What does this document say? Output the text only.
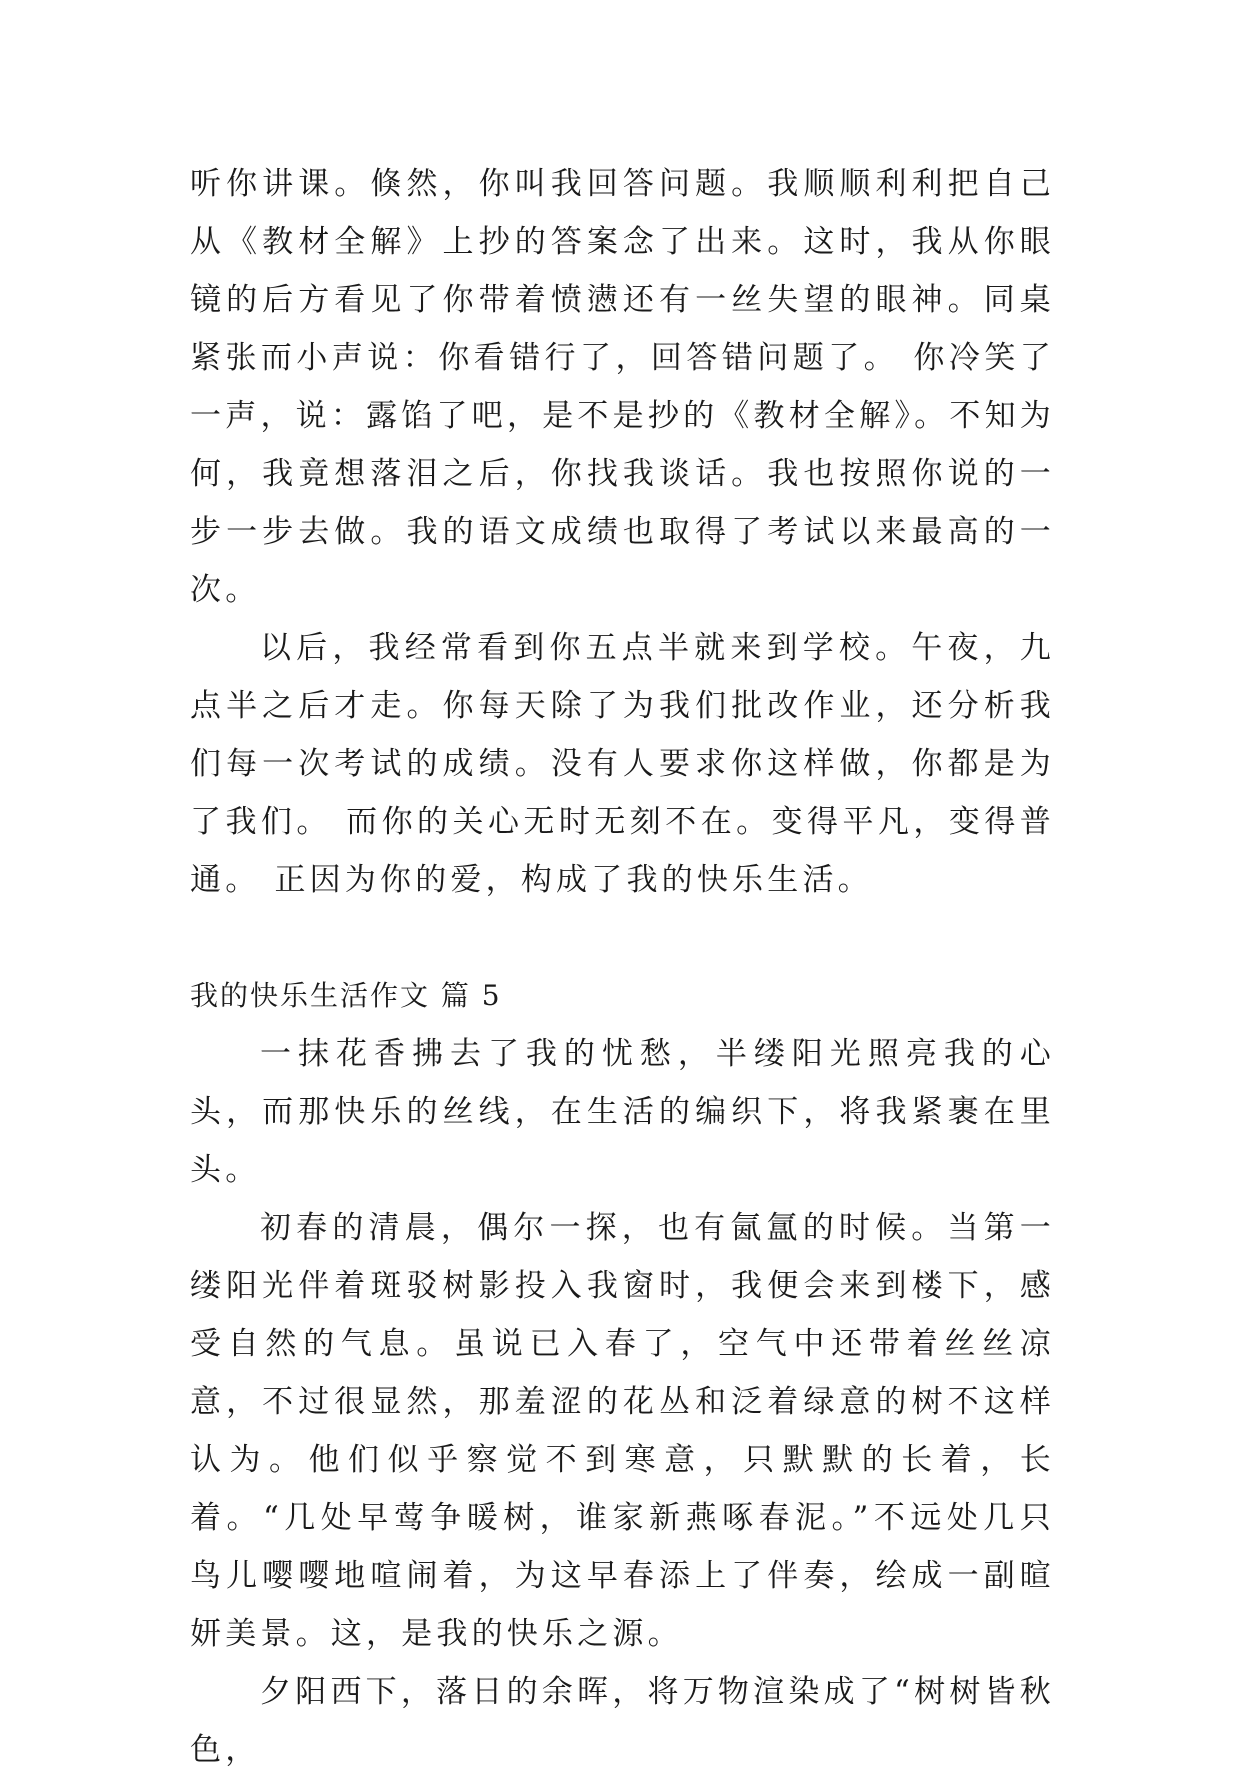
听你讲课。倏然，你叫我回答问题。我顺顺利利把自己从《教材全解》上抄的答案念了出来。这时，我从你眼镜的后方看见了你带着愤懑还有一丝失望的眼神。同桌紧张而小声说：你看错行了，回答错问题了。 你冷笑了一声，说：露馅了吧，是不是抄的《教材全解》。不知为何，我竟想落泪之后，你找我谈话。我也按照你说的一步一步去做。我的语文成绩也取得了考试以来最高的一次。

以后，我经常看到你五点半就来到学校。午夜，九点半之后才走。你每天除了为我们批改作业，还分析我们每一次考试的成绩。没有人要求你这样做，你都是为了我们。 而你的关心无时无刻不在。变得平凡，变得普通。 正因为你的爱，构成了我的快乐生活。

我的快乐生活作文 篇 5

一抹花香拂去了我的忧愁，半缕阳光照亮我的心头，而那快乐的丝线，在生活的编织下，将我紧裹在里头。

初春的清晨，偶尔一探，也有氤氲的时候。当第一缕阳光伴着斑驳树影投入我窗时，我便会来到楼下，感受自然的气息。虽说已入春了，空气中还带着丝丝凉意，不过很显然，那羞涩的花丛和泛着绿意的树不这样认为。他们似乎察觉不到寒意，只默默的长着，长着。“几处早莺争暖树，谁家新燕啄春泥。”不远处几只鸟儿嘤嘤地喧闹着，为这早春添上了伴奏，绘成一副暄妍美景。这，是我的快乐之源。

夕阳西下，落日的余晖，将万物渲染成了“树树皆秋色，
